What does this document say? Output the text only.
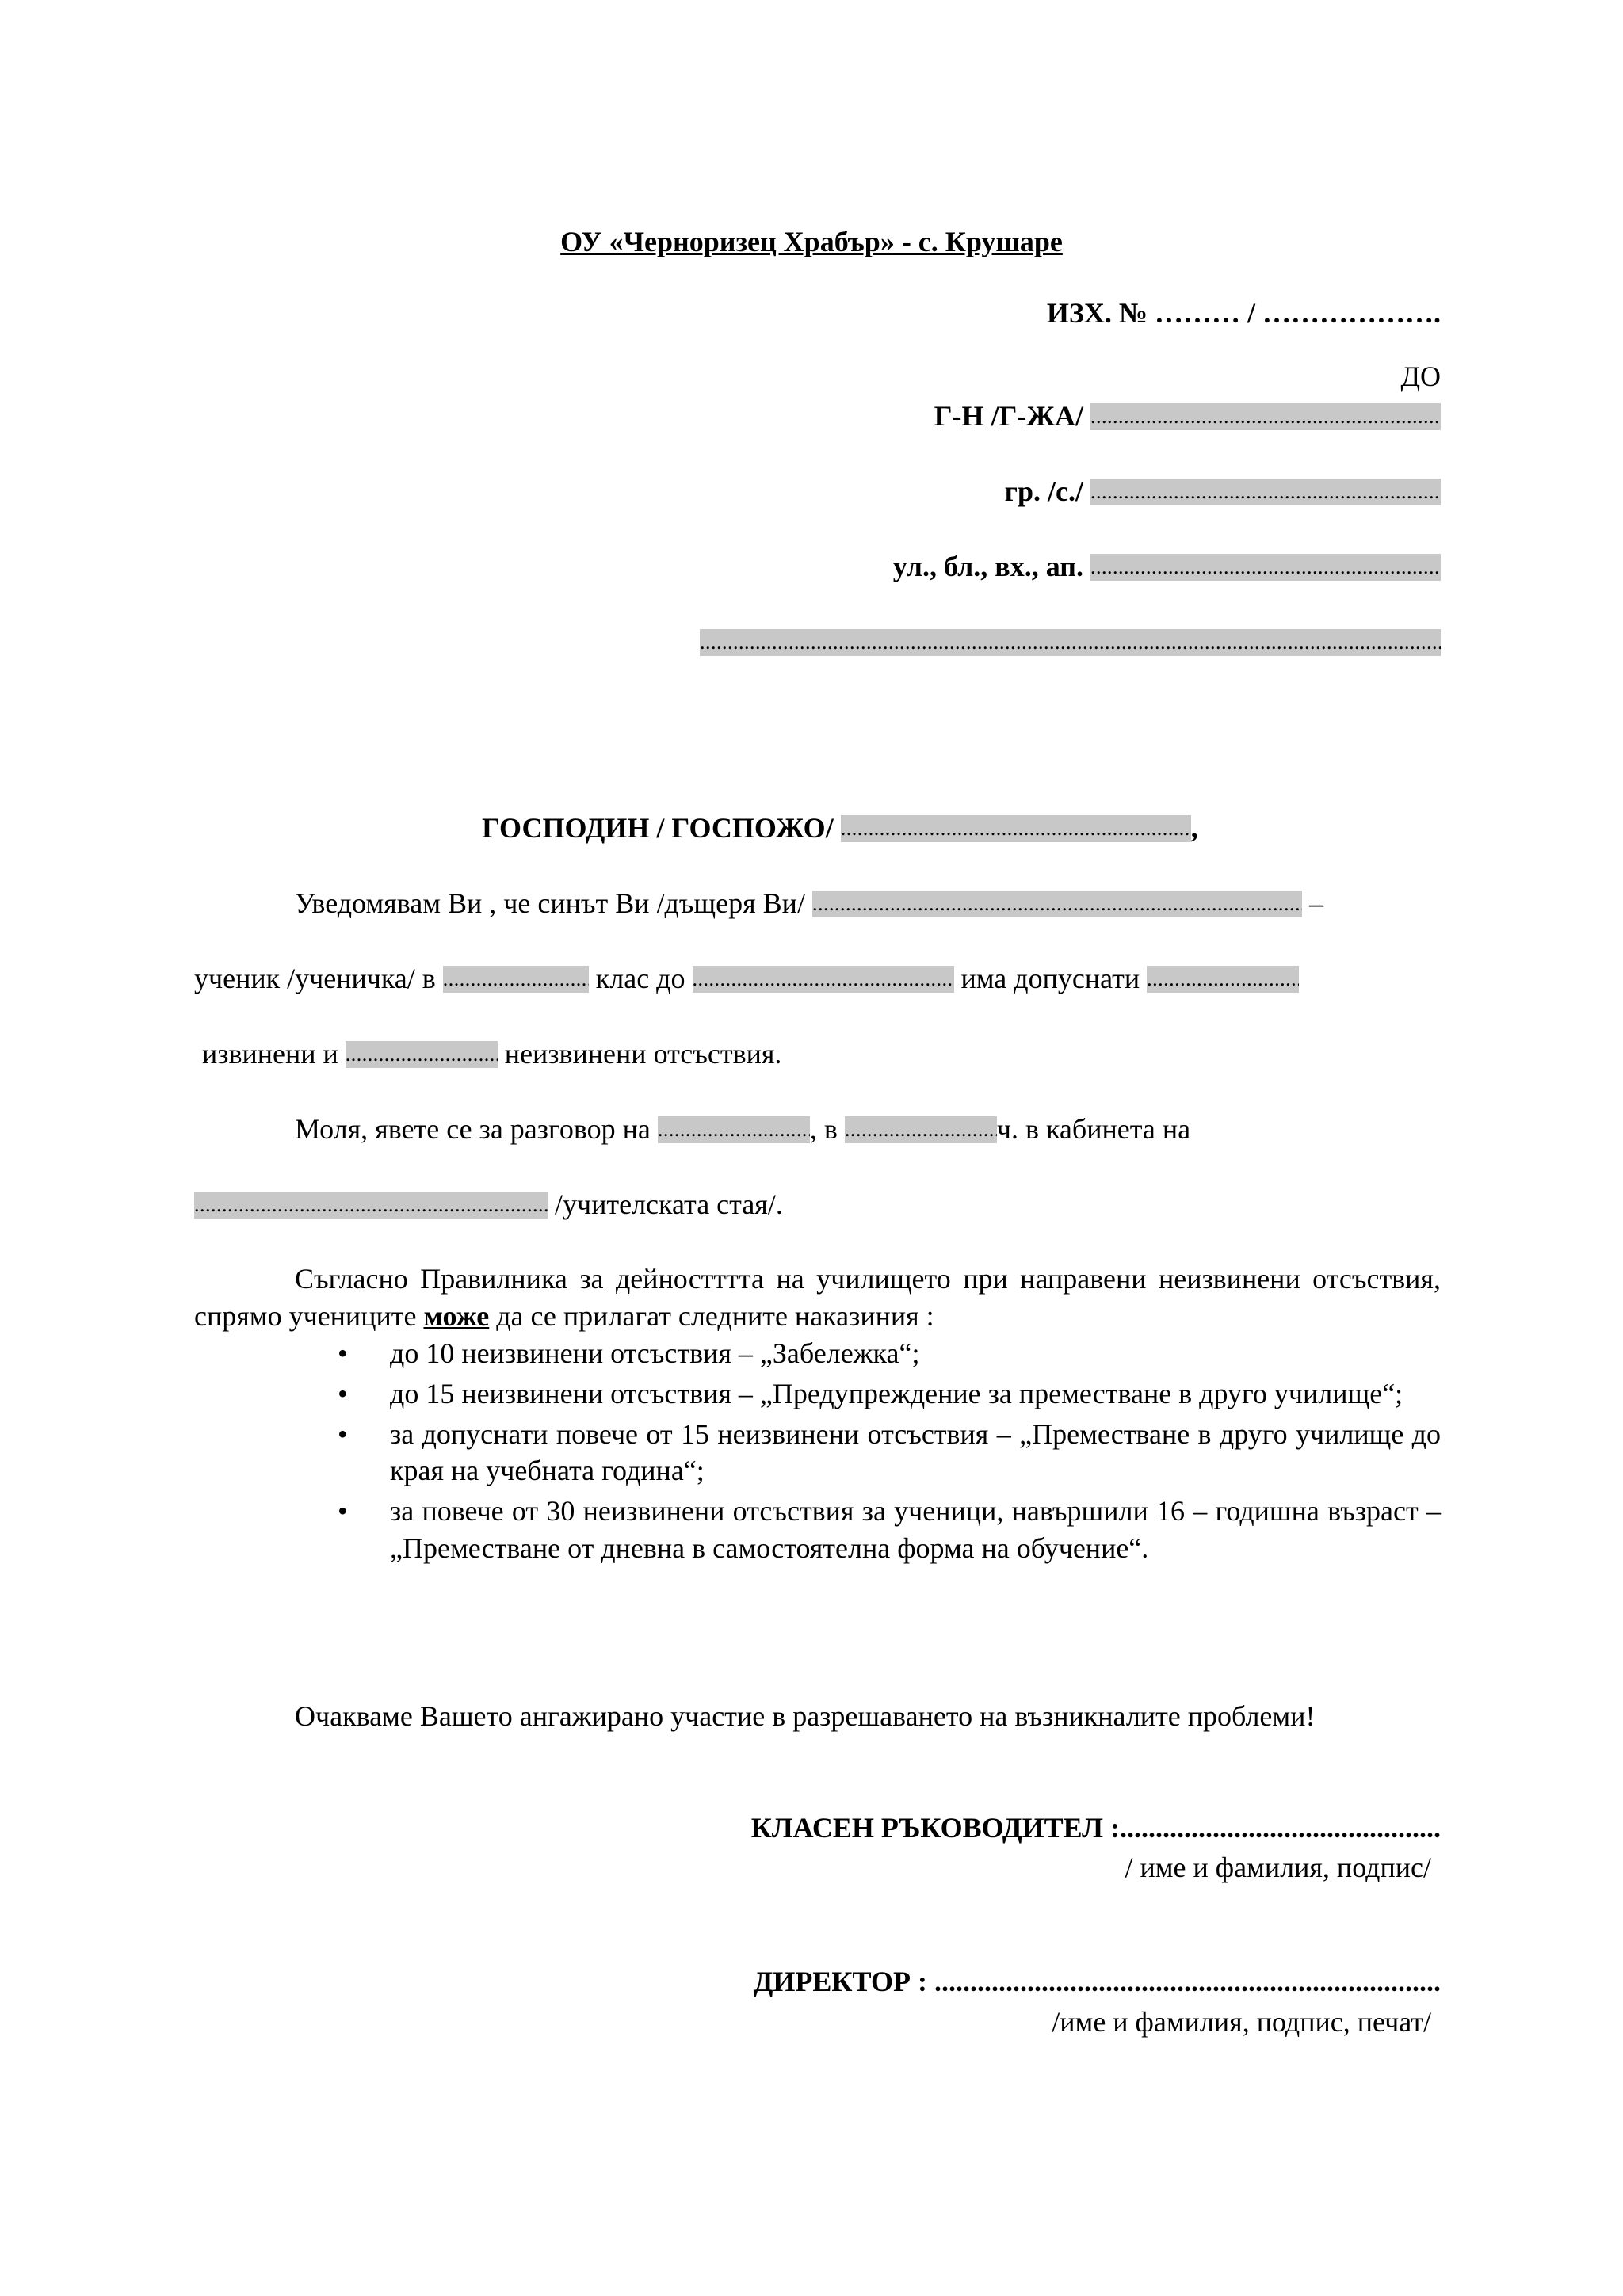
ОУ «Черноризец Храбър» - с. Крушаре
ИЗХ. № ……… / ……………….
ДО
Г-Н /Г-ЖА/ .....
гр. /с./ .....
ул., бл., вх., ап. .....
.....
ГОСПОДИН / ГОСПОЖО/ .....	,
Уведомявам Ви , че синът Ви /дъщеря Ви/ .....	–
ученик /ученичка/ в .....	клас до .....	има допуснати .....
извинени и .....	неизвинени отсъствия.
Моля, явете се за разговор на .....	, в .....	ч. в кабинета на
..... /учителската стая/.
Съгласно Правилника за дейностттта на училището при направени неизвинени отсъствия, спрямо учениците може да се прилагат следните наказиния :
• до 10 неизвинени отсъствия – „Забележка“;
• до 15 неизвинени отсъствия – „Предупреждение за преместване в друго училище“;
• за допуснати повече от 15 неизвинени отсъствия – „Преместване в друго училище до края на учебната година“;
• за повече от 30 неизвинени отсъствия за ученици, навършили 16 – годишна възраст – „Преместване от дневна в самостоятелна форма на обучение“.
Очакваме Вашето ангажирано участие в разрешаването на възникналите проблеми!
КЛАСЕН РЪКОВОДИТЕЛ :.............................................
/ име и фамилия, подпис/
ДИРЕКТОР : .......................................................................
/име и фамилия, подпис, печат/
